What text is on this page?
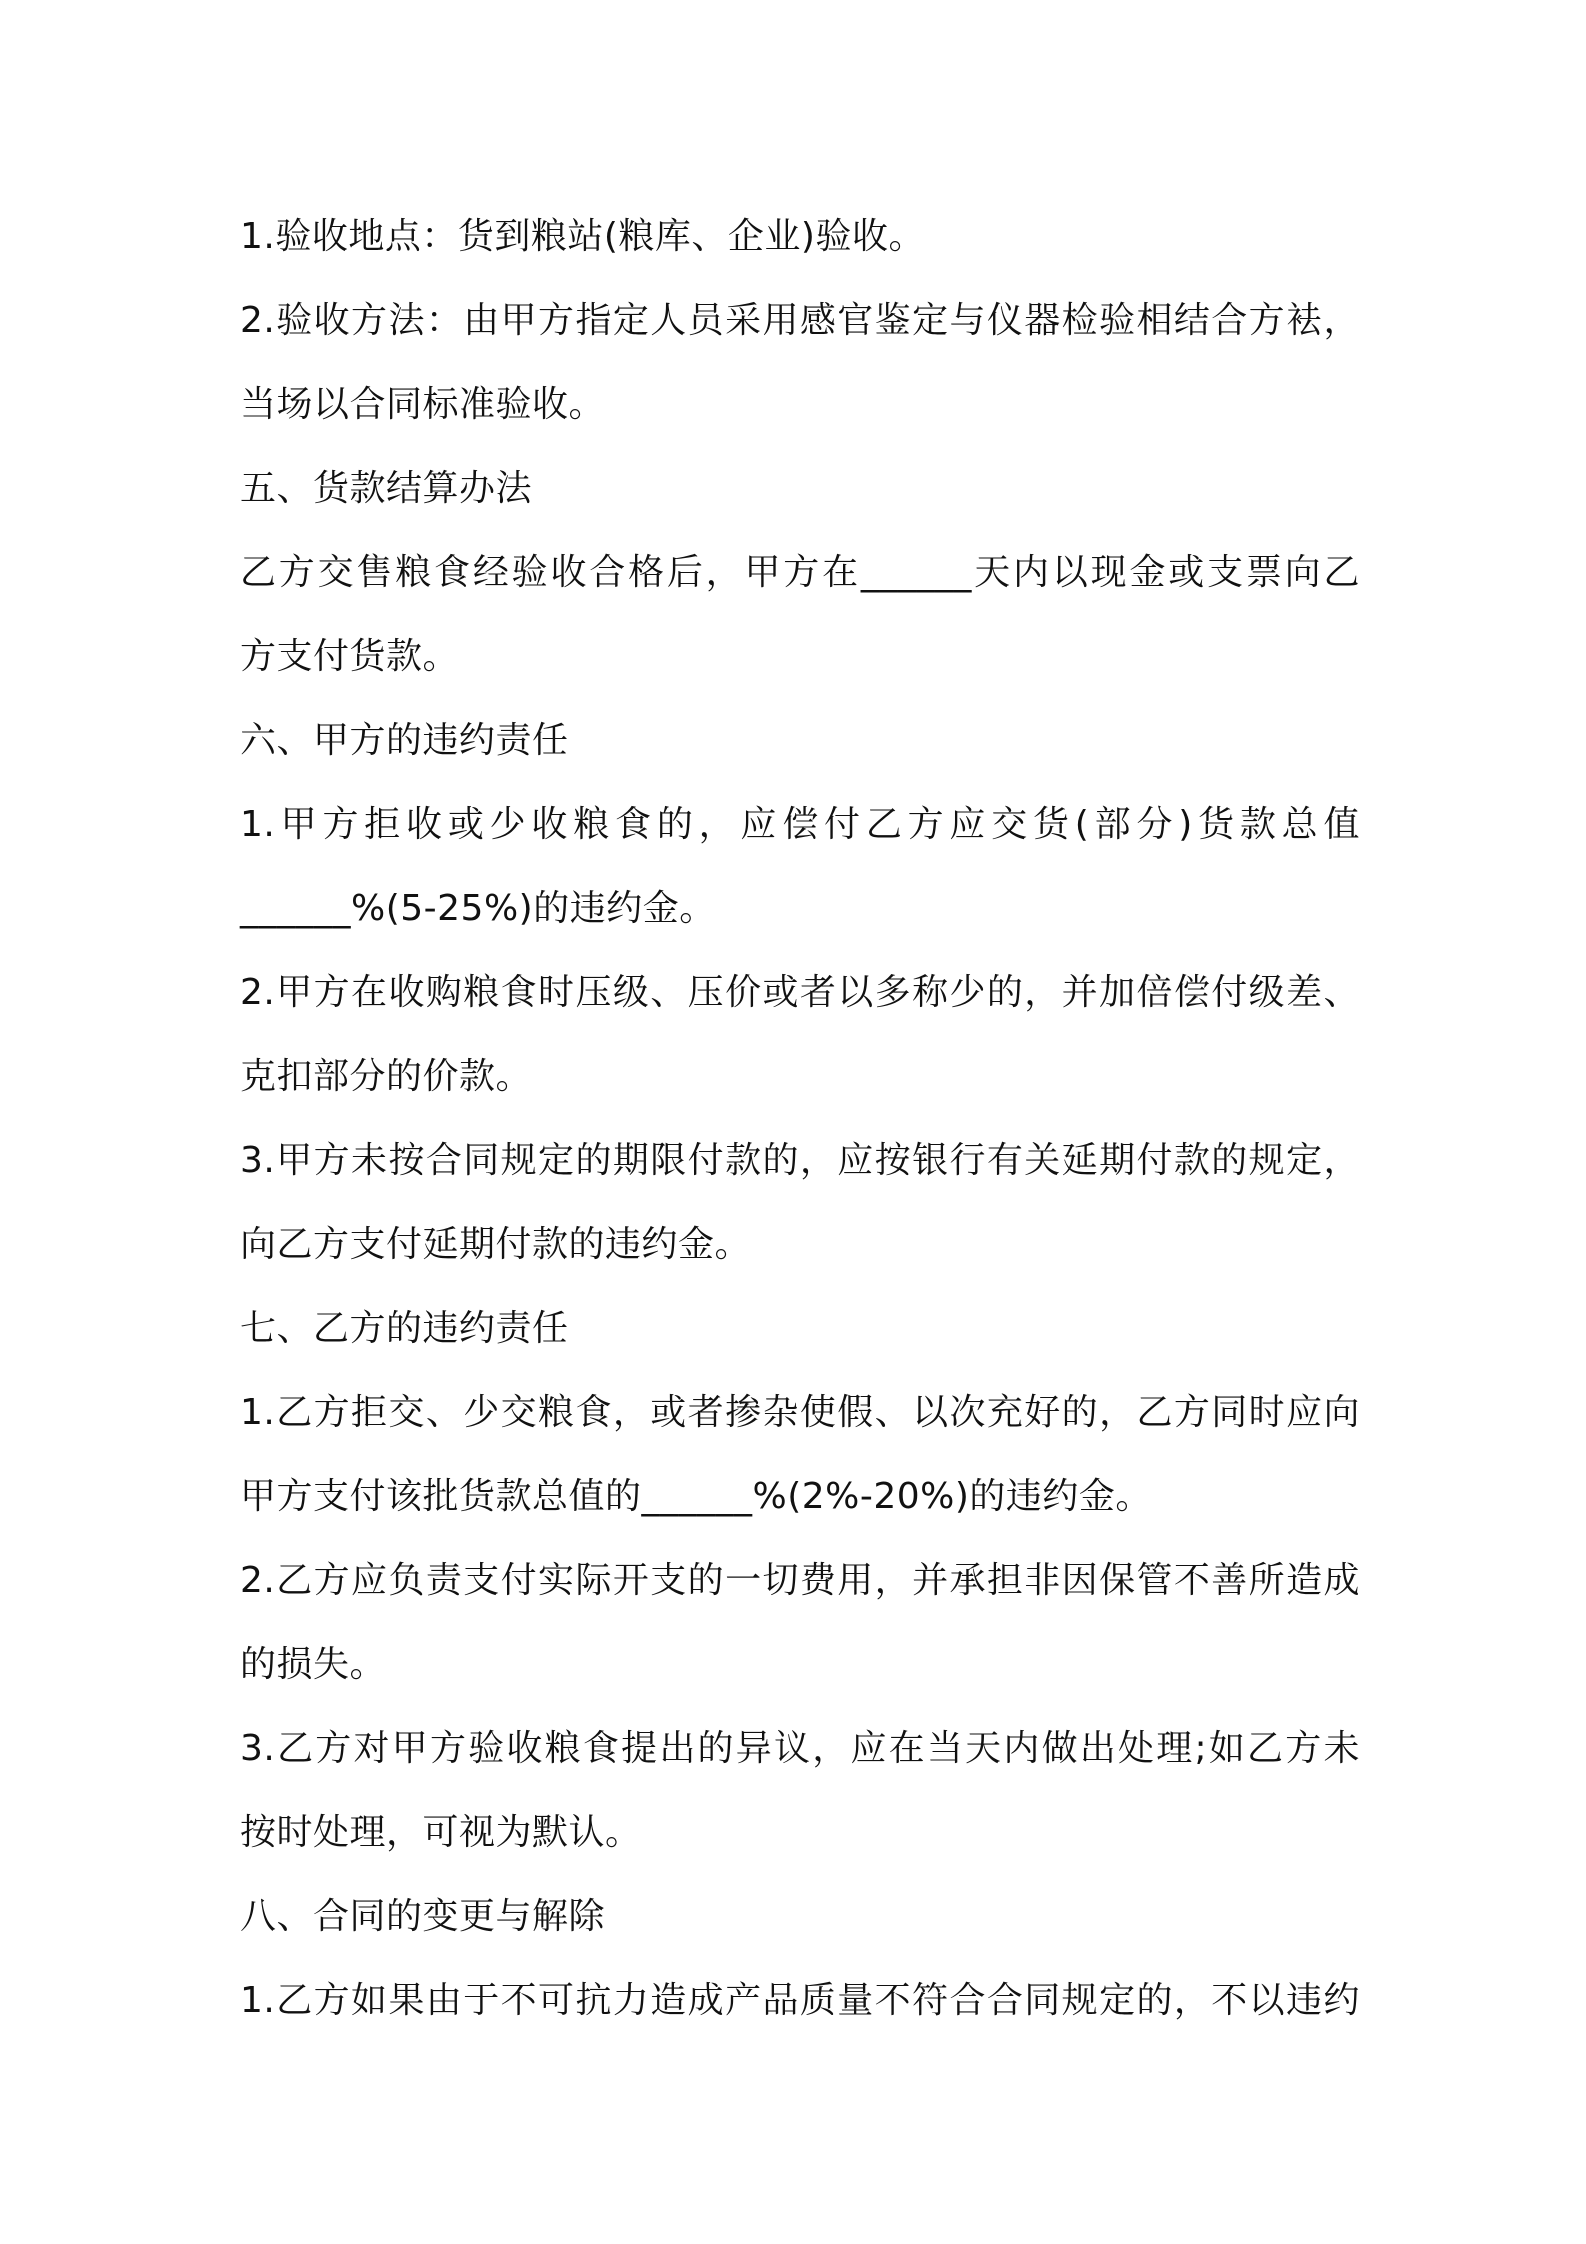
1.验收地点：货到粮站(粮库、企业)验收。
2.验收方法：由甲方指定人员采用感官鉴定与仪器检验相结合方袪，
当场以合同标准验收。
五、货款结算办法
乙方交售粮食经验收合格后，甲方在______天内以现金或支票向乙
方支付货款。
六、甲方的违约责任
1.甲方拒收或少收粮食的，应偿付乙方应交货(部分)货款总值
______%(5-25%)的违约金。
2.甲方在收购粮食时压级、压价或者以多称少的，并加倍偿付级差、
克扣部分的价款。
3.甲方未按合同规定的期限付款的，应按银行有关延期付款的规定，
向乙方支付延期付款的违约金。
七、乙方的违约责任
1.乙方拒交、少交粮食，或者掺杂使假、以次充好的，乙方同时应向
甲方支付该批货款总值的______%(2%-20%)的违约金。
2.乙方应负责支付实际开支的一切费用，并承担非因保管不善所造成
的损失。
3.乙方对甲方验收粮食提出的异议，应在当天内做出处理;如乙方未
按时处理，可视为默认。
八、合同的变更与解除
1.乙方如果由于不可抗力造成产品质量不符合合同规定的，不以违约
